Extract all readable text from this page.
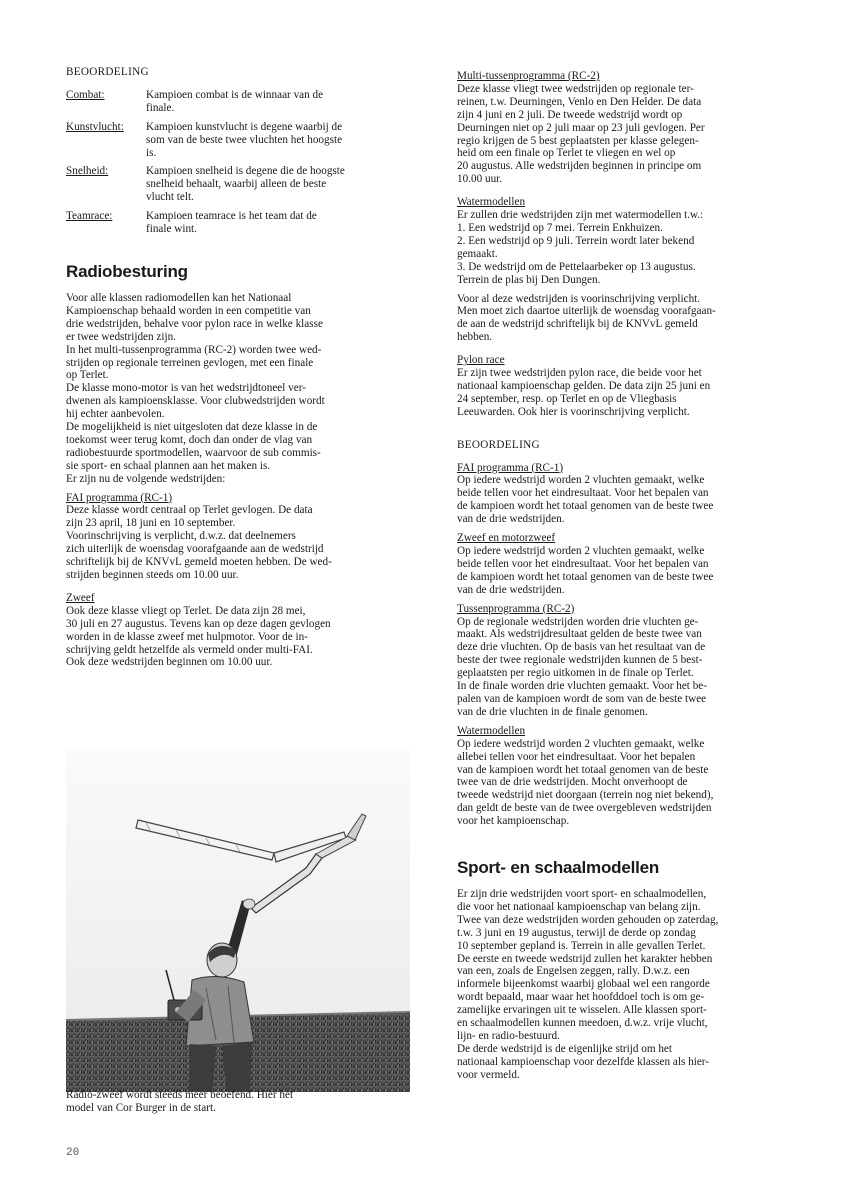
BEOORDELING

Combat:	Kampioen combat is de winnaar van de
finale.
Kunstvlucht:	Kampioen kunstvlucht is degene waarbij de
som van de beste twee vluchten het hoogste
is.
Snelheid:	Kampioen snelheid is degene die de hoogste
snelheid behaalt, waarbij alleen de beste
vlucht telt.
Teamrace:	Kampioen teamrace is het team dat de
finale wint.

Radiobesturing

Voor alle klassen radiomodellen kan het Nationaal
Kampioenschap behaald worden in een competitie van
drie wedstrijden, behalve voor pylon race in welke klasse
er twee wedstrijden zijn.
In het multi-tussenprogramma (RC-2) worden twee wed-
strijden op regionale terreinen gevlogen, met een finale
op Terlet.
De klasse mono-motor is van het wedstrijdtoneel ver-
dwenen als kampioensklasse. Voor clubwedstrijden wordt
hij echter aanbevolen.
De mogelijkheid is niet uitgesloten dat deze klasse in de
toekomst weer terug komt, doch dan onder de vlag van
radiobestuurde sportmodellen, waarvoor de sub commis-
sie sport- en schaal plannen aan het maken is.
Er zijn nu de volgende wedstrijden:

FAI programma (RC-1)

Deze klasse wordt centraal op Terlet gevlogen. De data
zijn 23 april, 18 juni en 10 september.
Voorinschrijving is verplicht, d.w.z. dat deelnemers
zich uiterlijk de woensdag voorafgaande aan de wedstrijd
schriftelijk bij de KNVvL gemeld moeten hebben. De wed-
strijden beginnen steeds om 10.00 uur.

Zweef

Ook deze klasse vliegt op Terlet. De data zijn 28 mei,
30 juli en 27 augustus. Tevens kan op deze dagen gevlogen
worden in de klasse zweef met hulpmotor. Voor de in-
schrijving geldt hetzelfde als vermeld onder multi-FAI.
Ook deze wedstrijden beginnen om 10.00 uur.

Radio-zweef wordt steeds meer beoefend. Hier het
model van Cor Burger in de start.

20

Multi-tussenprogramma (RC-2)

Deze klasse vliegt twee wedstrijden op regionale ter-
reinen, t.w. Deurningen, Venlo en Den Helder. De data
zijn 4 juni en 2 juli. De tweede wedstrijd wordt op
Deurningen niet op 2 juli maar op 23 juli gevlogen. Per
regio krijgen de 5 best geplaatsten per klasse gelegen-
heid om een finale op Terlet te vliegen en wel op
20 augustus. Alle wedstrijden beginnen in principe om
10.00 uur.

Watermodellen

Er zullen drie wedstrijden zijn met watermodellen t.w.:
1. Een wedstrijd op 7 mei. Terrein Enkhuizen.
2. Een wedstrijd op 9 juli. Terrein wordt later bekend
gemaakt.
3. De wedstrijd om de Pettelaarbeker op 13 augustus.
Terrein de plas bij Den Dungen.

Voor al deze wedstrijden is voorinschrijving verplicht.
Men moet zich daartoe uiterlijk de woensdag voorafgaan-
de aan de wedstrijd schriftelijk bij de KNVvL gemeld
hebben.

Pylon race

Er zijn twee wedstrijden pylon race, die beide voor het
nationaal kampioenschap gelden. De data zijn 25 juni en
24 september, resp. op Terlet en op de Vliegbasis
Leeuwarden. Ook hier is voorinschrijving verplicht.

BEOORDELING

FAI programma (RC-1)

Op iedere wedstrijd worden 2 vluchten gemaakt, welke
beide tellen voor het eindresultaat. Voor het bepalen van
de kampioen wordt het totaal genomen van de beste twee
van de drie wedstrijden.

Zweef en motorzweef

Op iedere wedstrijd worden 2 vluchten gemaakt, welke
beide tellen voor het eindresultaat. Voor het bepalen van
de kampioen wordt het totaal genomen van de beste twee
van de drie wedstrijden.

Tussenprogramma (RC-2)

Op de regionale wedstrijden worden drie vluchten ge-
maakt. Als wedstrijdresultaat gelden de beste twee van
deze drie vluchten. Op de basis van het resultaat van de
beste der twee regionale wedstrijden kunnen de 5 best-
geplaatsten per regio uitkomen in de finale op Terlet.
In de finale worden drie vluchten gemaakt. Voor het be-
palen van de kampioen wordt de som van de beste twee
van de drie vluchten in de finale genomen.

Watermodellen

Op iedere wedstrijd worden 2 vluchten gemaakt, welke
allebei tellen voor het eindresultaat. Voor het bepalen
van de kampioen wordt het totaal genomen van de beste
twee van de drie wedstrijden. Mocht onverhoopt de
tweede wedstrijd niet doorgaan (terrein nog niet bekend),
dan geldt de beste van de twee overgebleven wedstrijden
voor het kampioenschap.

Sport- en schaalmodellen

Er zijn drie wedstrijden voort sport- en schaalmodellen,
die voor het nationaal kampioenschap van belang zijn.
Twee van deze wedstrijden worden gehouden op zaterdag,
t.w. 3 juni en 19 augustus, terwijl de derde op zondag
10 september gepland is. Terrein in alle gevallen Terlet.
De eerste en tweede wedstrijd zullen het karakter hebben
van een, zoals de Engelsen zeggen, rally. D.w.z. een
informele bijeenkomst waarbij globaal wel een rangorde
wordt bepaald, maar waar het hoofddoel toch is om ge-
zamelijke ervaringen uit te wisselen. Alle klassen sport-
en schaalmodellen kunnen meedoen, d.w.z. vrije vlucht,
lijn- en radio-bestuurd.
De derde wedstrijd is de eigenlijke strijd om het
nationaal kampioenschap voor dezelfde klassen als hier-
voor vermeld.
